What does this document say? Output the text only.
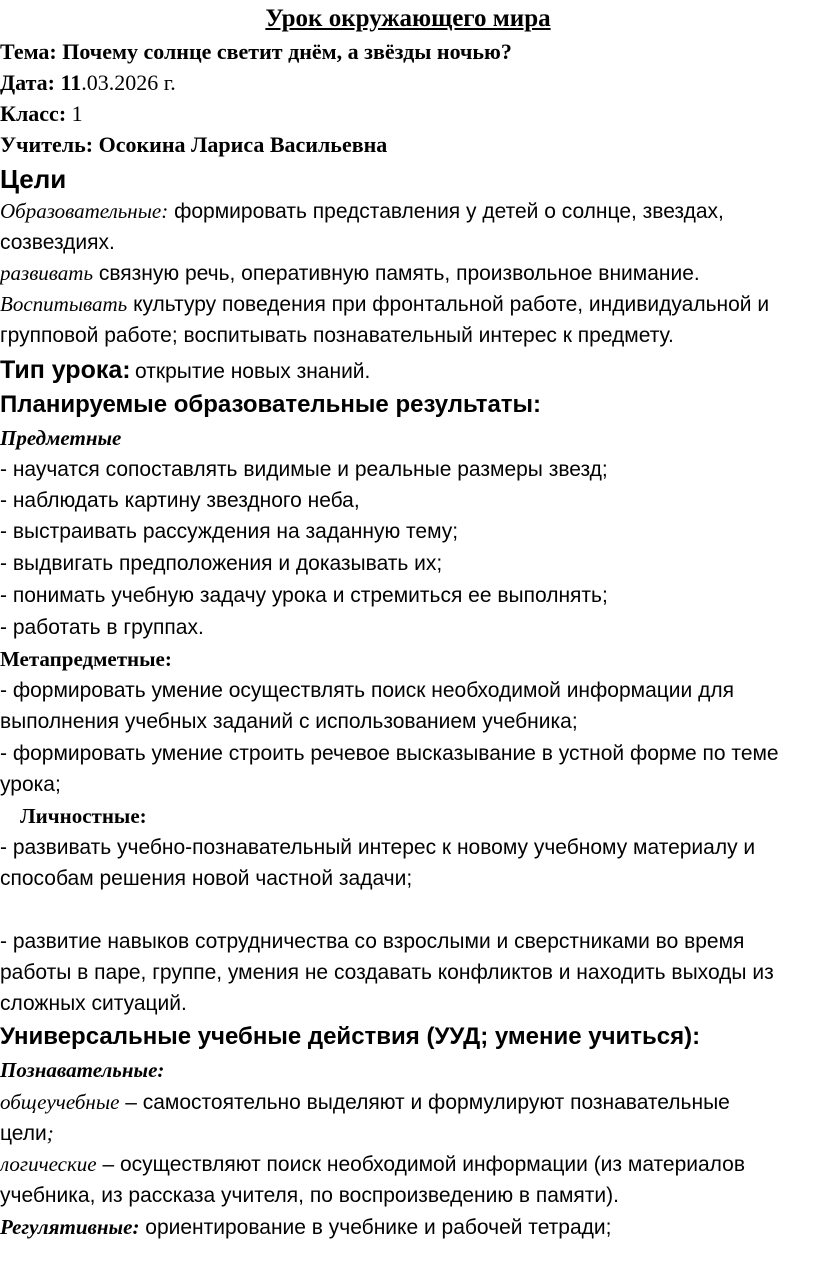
Урок окружающего мира
Тема: Почему солнце светит днём, а звёзды ночью?
Дата: 11.03.2026 г.
Класс: 1
Учитель: Осокина Лариса Васильевна
Цели
Образовательные: формировать представления у детей о солнце, звездах,
созвездиях.
развивать связную речь, оперативную память, произвольное внимание.
Воспитывать культуру поведения при фронтальной работе, индивидуальной и
групповой работе; воспитывать познавательный интерес к предмету.
Тип урока: открытие новых знаний.
Планируемые образовательные результаты:
Предметные
- научатся сопоставлять видимые и реальные размеры звезд;
- наблюдать картину звездного неба,
- выстраивать рассуждения на заданную тему;
- выдвигать предположения и доказывать их;
- понимать учебную задачу урока и стремиться ее выполнять;
- работать в группах.
Метапредметные:
- формировать умение осуществлять поиск необходимой информации для
выполнения учебных заданий с использованием учебника;
- формировать умение строить речевое высказывание в устной форме по теме
урока;
Личностные:
- развивать учебно-познавательный интерес к новому учебному материалу и
способам решения новой частной задачи;
- развитие навыков сотрудничества со взрослыми и сверстниками во время
работы в паре, группе, умения не создавать конфликтов и находить выходы из
сложных ситуаций.
Универсальные учебные действия (УУД; умение учиться):
Познавательные:
общеучебные – самостоятельно выделяют и формулируют познавательные
цели;
логические – осуществляют поиск необходимой информации (из материалов
учебника, из рассказа учителя, по воспроизведению в памяти).
Регулятивные: ориентирование в учебнике и рабочей тетради;
